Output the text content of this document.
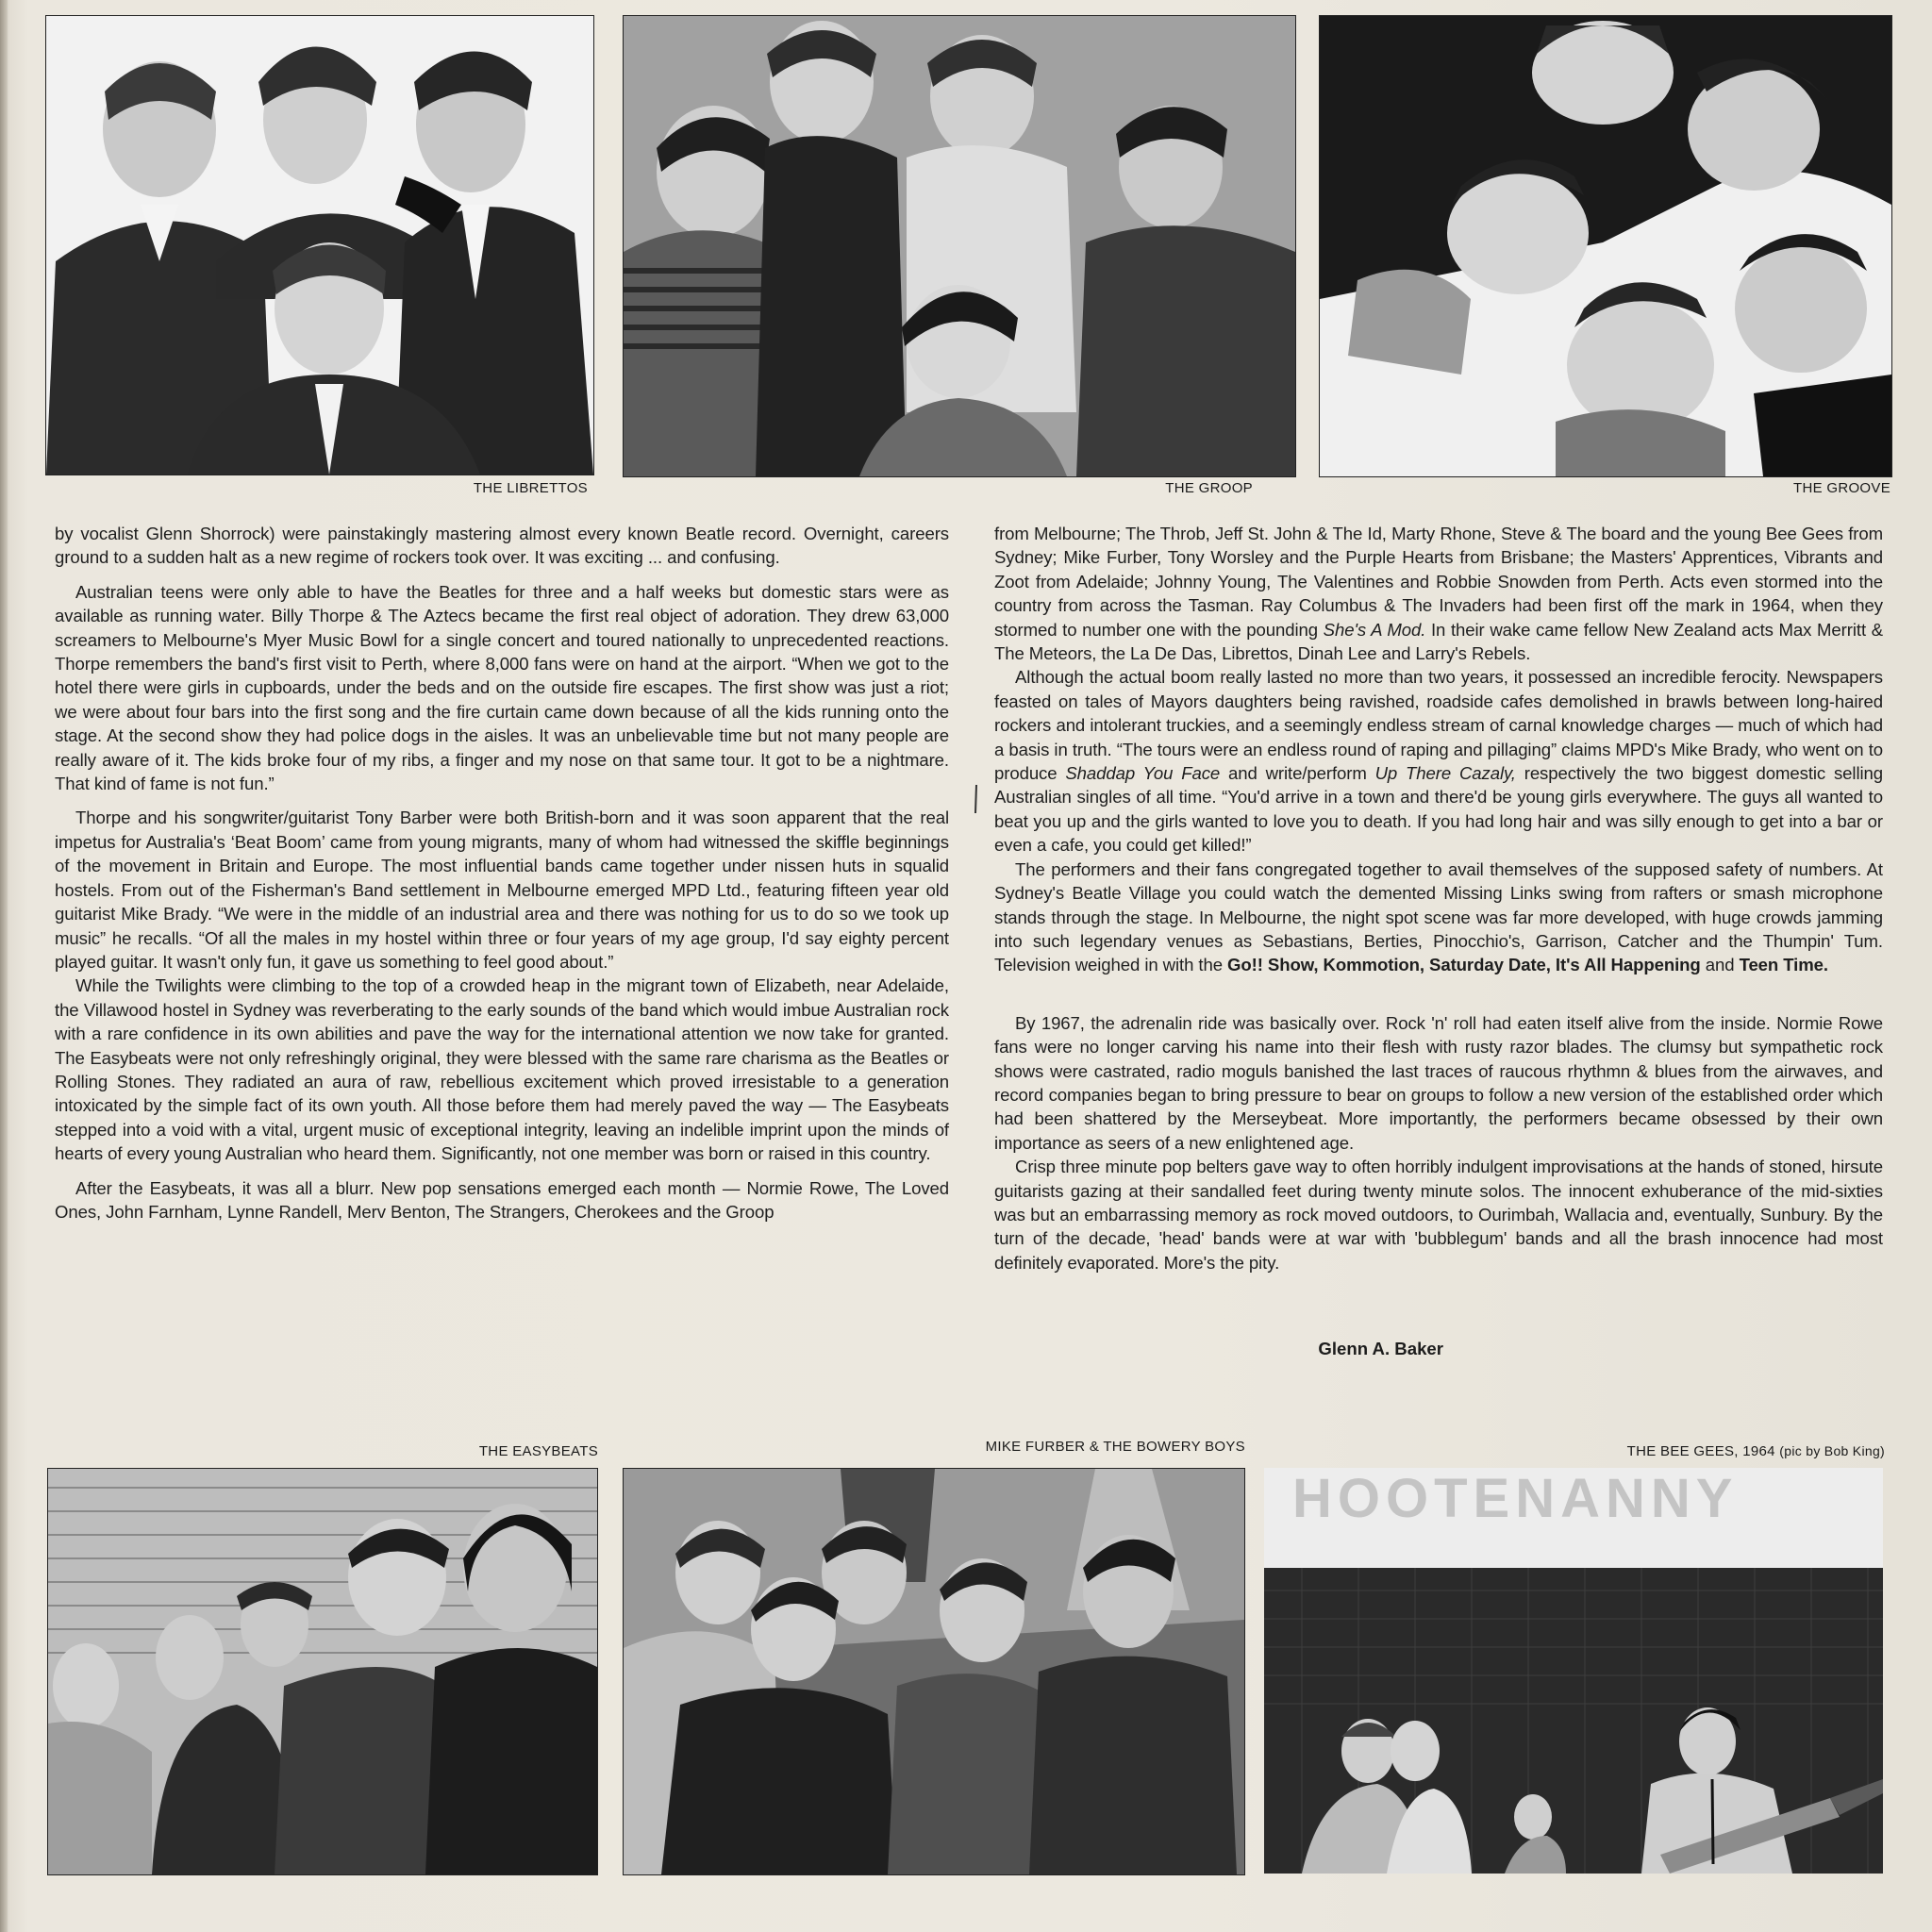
THE LIBRETTOS	THE GROOP	THE GROOVE

by vocalist Glenn Shorrock) were painstakingly mastering almost every known Beatle record. Overnight, careers ground to a sudden halt as a new regime of rockers took over. It was exciting ... and confusing.

Australian teens were only able to have the Beatles for three and a half weeks but domestic stars were as available as running water. Billy Thorpe & The Aztecs became the first real object of adoration. They drew 63,000 screamers to Melbourne's Myer Music Bowl for a single concert and toured nationally to unprecedented reactions. Thorpe remembers the band's first visit to Perth, where 8,000 fans were on hand at the airport. “When we got to the hotel there were girls in cupboards, under the beds and on the outside fire escapes. The first show was just a riot; we were about four bars into the first song and the fire curtain came down because of all the kids running onto the stage. At the second show they had police dogs in the aisles. It was an unbelievable time but not many people are really aware of it. The kids broke four of my ribs, a finger and my nose on that same tour. It got to be a nightmare. That kind of fame is not fun.”

Thorpe and his songwriter/guitarist Tony Barber were both British-born and it was soon apparent that the real impetus for Australia's ‘Beat Boom’ came from young migrants, many of whom had witnessed the skiffle beginnings of the movement in Britain and Europe. The most influential bands came together under nissen huts in squalid hostels. From out of the Fisherman's Band settlement in Melbourne emerged MPD Ltd., featuring fifteen year old guitarist Mike Brady. “We were in the middle of an industrial area and there was nothing for us to do so we took up music” he recalls. “Of all the males in my hostel within three or four years of my age group, I'd say eighty percent played guitar. It wasn't only fun, it gave us something to feel good about.”

While the Twilights were climbing to the top of a crowded heap in the migrant town of Elizabeth, near Adelaide, the Villawood hostel in Sydney was reverberating to the early sounds of the band which would imbue Australian rock with a rare confidence in its own abilities and pave the way for the international attention we now take for granted. The Easybeats were not only refreshingly original, they were blessed with the same rare charisma as the Beatles or Rolling Stones. They radiated an aura of raw, rebellious excitement which proved irresistable to a generation intoxicated by the simple fact of its own youth. All those before them had merely paved the way — The Easybeats stepped into a void with a vital, urgent music of exceptional integrity, leaving an indelible imprint upon the minds of hearts of every young Australian who heard them. Significantly, not one member was born or raised in this country.

After the Easybeats, it was all a blurr. New pop sensations emerged each month — Normie Rowe, The Loved Ones, John Farnham, Lynne Randell, Merv Benton, The Strangers, Cherokees and the Groop

from Melbourne; The Throb, Jeff St. John & The Id, Marty Rhone, Steve & The board and the young Bee Gees from Sydney; Mike Furber, Tony Worsley and the Purple Hearts from Brisbane; the Masters' Apprentices, Vibrants and Zoot from Adelaide; Johnny Young, The Valentines and Robbie Snowden from Perth. Acts even stormed into the country from across the Tasman. Ray Columbus & The Invaders had been first off the mark in 1964, when they stormed to number one with the pounding She's A Mod. In their wake came fellow New Zealand acts Max Merritt & The Meteors, the La De Das, Librettos, Dinah Lee and Larry's Rebels.

Although the actual boom really lasted no more than two years, it possessed an incredible ferocity. Newspapers feasted on tales of Mayors daughters being ravished, roadside cafes demolished in brawls between long-haired rockers and intolerant truckies, and a seemingly endless stream of carnal knowledge charges — much of which had a basis in truth. “The tours were an endless round of raping and pillaging” claims MPD's Mike Brady, who went on to produce Shaddap You Face and write/perform Up There Cazaly, respectively the two biggest domestic selling Australian singles of all time. “You'd arrive in a town and there'd be young girls everywhere. The guys all wanted to beat you up and the girls wanted to love you to death. If you had long hair and was silly enough to get into a bar or even a cafe, you could get killed!”

The performers and their fans congregated together to avail themselves of the supposed safety of numbers. At Sydney's Beatle Village you could watch the demented Missing Links swing from rafters or smash microphone stands through the stage. In Melbourne, the night spot scene was far more developed, with huge crowds jamming into such legendary venues as Sebastians, Berties, Pinocchio's, Garrison, Catcher and the Thumpin' Tum. Television weighed in with the Go!! Show, Kommotion, Saturday Date, It's All Happening and Teen Time.

By 1967, the adrenalin ride was basically over. Rock 'n' roll had eaten itself alive from the inside. Normie Rowe fans were no longer carving his name into their flesh with rusty razor blades. The clumsy but sympathetic rock shows were castrated, radio moguls banished the last traces of raucous rhythmn & blues from the airwaves, and record companies began to bring pressure to bear on groups to follow a new version of the established order which had been shattered by the Merseybeat. More importantly, the performers became obsessed by their own importance as seers of a new enlightened age.

Crisp three minute pop belters gave way to often horribly indulgent improvisations at the hands of stoned, hirsute guitarists gazing at their sandalled feet during twenty minute solos. The innocent exhuberance of the mid-sixties was but an embarrassing memory as rock moved outdoors, to Ourimbah, Wallacia and, eventually, Sunbury. By the turn of the decade, 'head' bands were at war with 'bubblegum' bands and all the brash innocence had most definitely evaporated. More's the pity.

Glenn A. Baker
THE EASYBEATS	MIKE FURBER & THE BOWERY BOYS	THE BEE GEES, 1964 (pic by Bob King)
HOOTENANNY
